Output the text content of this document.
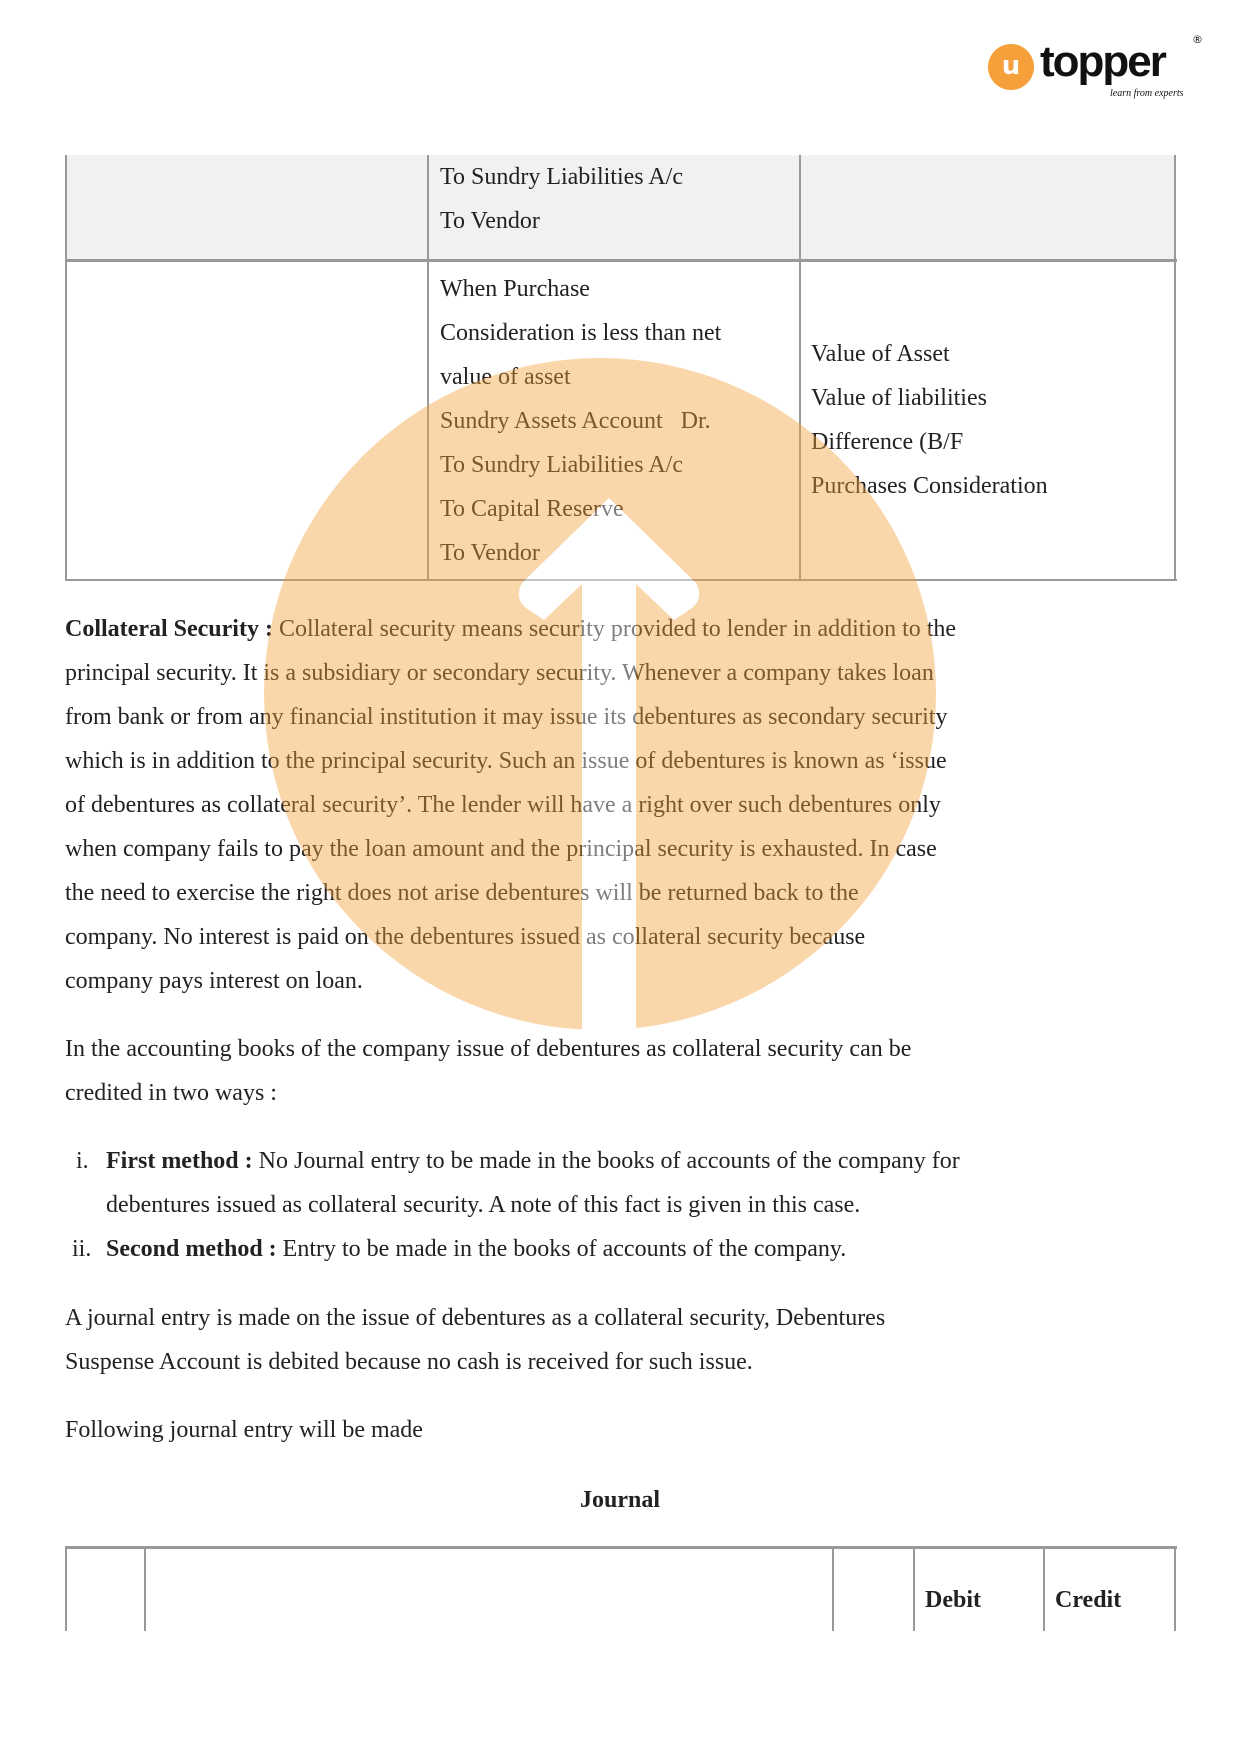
u topper ®
learn from experts
To Sundry Liabilities A/c
To Vendor
When Purchase
Consideration is less than net
value of asset
Sundry Assets Account   Dr.
To Sundry Liabilities A/c
To Capital Reserve
To Vendor
Value of Asset
Value of liabilities
Difference (B/F
Purchases Consideration
Collateral Security : Collateral security means security provided to lender in addition to the
principal security. It is a subsidiary or secondary security. Whenever a company takes loan
from bank or from any financial institution it may issue its debentures as secondary security
which is in addition to the principal security. Such an issue of debentures is known as ‘issue
of debentures as collateral security’. The lender will have a right over such debentures only
when company fails to pay the loan amount and the principal security is exhausted. In case
the need to exercise the right does not arise debentures will be returned back to the
company. No interest is paid on the debentures issued as collateral security because
company pays interest on loan.
In the accounting books of the company issue of debentures as collateral security can be
credited in two ways :
i. First method : No Journal entry to be made in the books of accounts of the company for
debentures issued as collateral security. A note of this fact is given in this case.
ii. Second method : Entry to be made in the books of accounts of the company.
A journal entry is made on the issue of debentures as a collateral security, Debentures
Suspense Account is debited because no cash is received for such issue.
Following journal entry will be made
Journal
Debit	Credit
